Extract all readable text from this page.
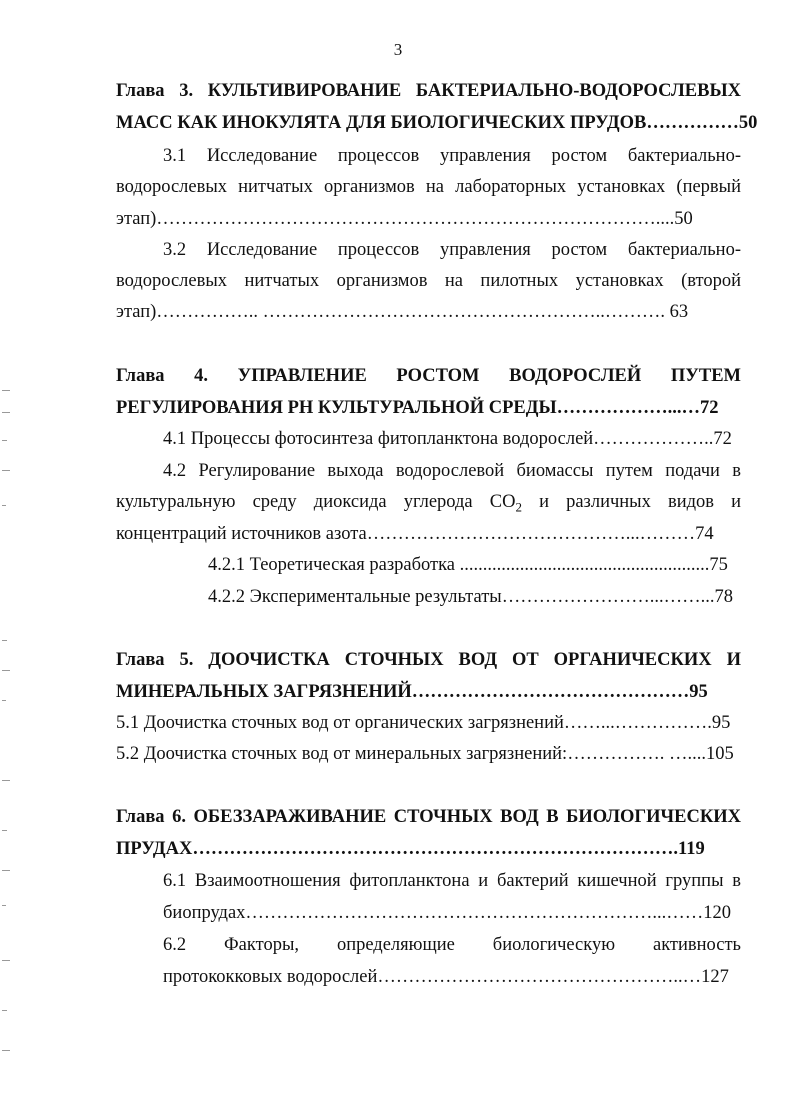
3
Глава 3. КУЛЬТИВИРОВАНИЕ БАКТЕРИАЛЬНО-ВОДОРОСЛЕВЫХ
МАСС КАК ИНОКУЛЯТА ДЛЯ БИОЛОГИЧЕСКИХ ПРУДОВ……………50
3.1 Исследование процессов управления ростом бактериально-
водорослевых нитчатых организмов на лабораторных установках (первый
этап)………………………………………………………………………....50
3.2 Исследование процессов управления ростом бактериально-
водорослевых нитчатых организмов на пилотных установках (второй
этап)…………….. ………………………………………………..………. 63
Глава 4. УПРАВЛЕНИЕ РОСТОМ ВОДОРОСЛЕЙ ПУТЕМ
РЕГУЛИРОВАНИЯ РН КУЛЬТУРАЛЬНОЙ СРЕДЫ………………...…72
4.1 Процессы фотосинтеза фитопланктона водорослей………………..72
4.2 Регулирование выхода водорослевой биомассы путем подачи в
культуральную среду диоксида углерода $CO_2$ и различных видов и
концентраций источников азота……………………………………...………74
4.2.1 Теоретическая разработка ......................................................75
4.2.2 Экспериментальные результаты……………………...……...78
Глава 5. ДООЧИСТКА СТОЧНЫХ ВОД ОТ ОРГАНИЧЕСКИХ И
МИНЕРАЛЬНЫХ ЗАГРЯЗНЕНИЙ………………………………………95
5.1 Доочистка сточных вод от органических загрязнений……...…………….95
5.2 Доочистка сточных вод от минеральных загрязнений:……………. …....105
Глава 6. ОБЕЗЗАРАЖИВАНИЕ СТОЧНЫХ ВОД В БИОЛОГИЧЕСКИХ
ПРУДАХ…………………………………………………………………….119
6.1 Взаимоотношения фитопланктона и бактерий кишечной группы в
биопрудах…………………………………………………………...……120
6.2 Факторы, определяющие биологическую активность
протококковых водорослей…………………………………………..…127
